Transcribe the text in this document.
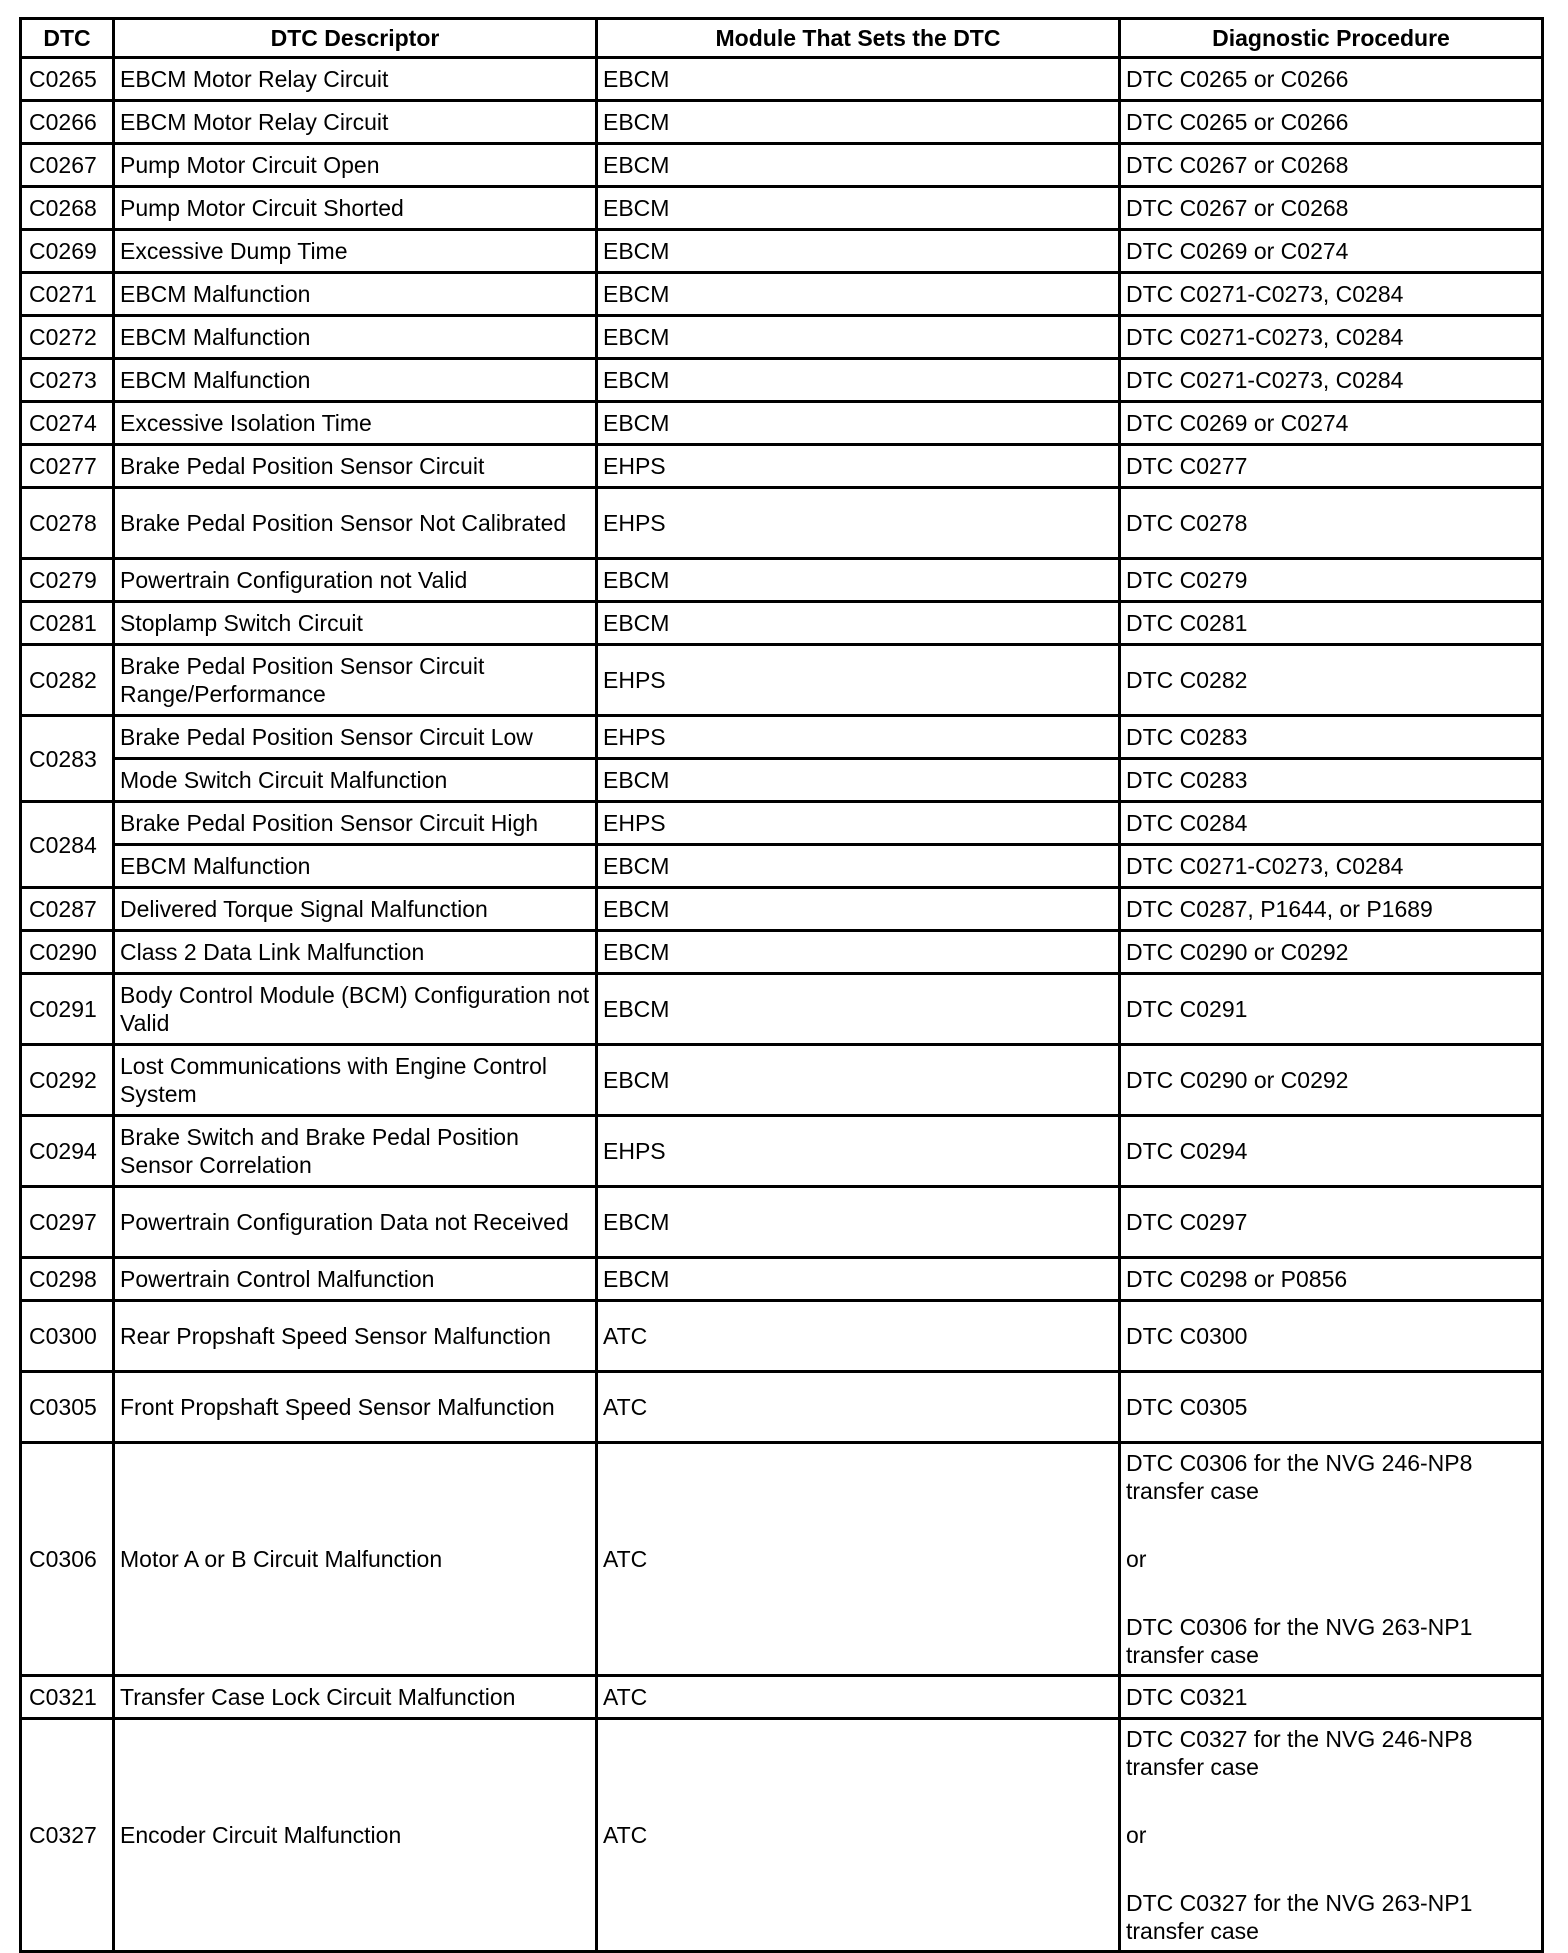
DTC	DTC Descriptor	Module That Sets the DTC	Diagnostic Procedure
C0265	EBCM Motor Relay Circuit	EBCM	DTC C0265 or C0266
C0266	EBCM Motor Relay Circuit	EBCM	DTC C0265 or C0266
C0267	Pump Motor Circuit Open	EBCM	DTC C0267 or C0268
C0268	Pump Motor Circuit Shorted	EBCM	DTC C0267 or C0268
C0269	Excessive Dump Time	EBCM	DTC C0269 or C0274
C0271	EBCM Malfunction	EBCM	DTC C0271-C0273, C0284
C0272	EBCM Malfunction	EBCM	DTC C0271-C0273, C0284
C0273	EBCM Malfunction	EBCM	DTC C0271-C0273, C0284
C0274	Excessive Isolation Time	EBCM	DTC C0269 or C0274
C0277	Brake Pedal Position Sensor Circuit	EHPS	DTC C0277
C0278	Brake Pedal Position Sensor Not Calibrated	EHPS	DTC C0278
C0279	Powertrain Configuration not Valid	EBCM	DTC C0279
C0281	Stoplamp Switch Circuit	EBCM	DTC C0281
C0282	Brake Pedal Position Sensor Circuit Range/Performance	EHPS	DTC C0282
C0283	Brake Pedal Position Sensor Circuit Low	EHPS	DTC C0283
	Mode Switch Circuit Malfunction	EBCM	DTC C0283
C0284	Brake Pedal Position Sensor Circuit High	EHPS	DTC C0284
	EBCM Malfunction	EBCM	DTC C0271-C0273, C0284
C0287	Delivered Torque Signal Malfunction	EBCM	DTC C0287, P1644, or P1689
C0290	Class 2 Data Link Malfunction	EBCM	DTC C0290 or C0292
C0291	Body Control Module (BCM) Configuration not Valid	EBCM	DTC C0291
C0292	Lost Communications with Engine Control System	EBCM	DTC C0290 or C0292
C0294	Brake Switch and Brake Pedal Position Sensor Correlation	EHPS	DTC C0294
C0297	Powertrain Configuration Data not Received	EBCM	DTC C0297
C0298	Powertrain Control Malfunction	EBCM	DTC C0298 or P0856
C0300	Rear Propshaft Speed Sensor Malfunction	ATC	DTC C0300
C0305	Front Propshaft Speed Sensor Malfunction	ATC	DTC C0305
C0306	Motor A or B Circuit Malfunction	ATC	DTC C0306 for the NVG 246-NP8 transfer case
or
DTC C0306 for the NVG 263-NP1 transfer case

C0321	Transfer Case Lock Circuit Malfunction	ATC	DTC C0321
C0327	Encoder Circuit Malfunction	ATC	DTC C0327 for the NVG 246-NP8 transfer case
or
DTC C0327 for the NVG 263-NP1 transfer case
